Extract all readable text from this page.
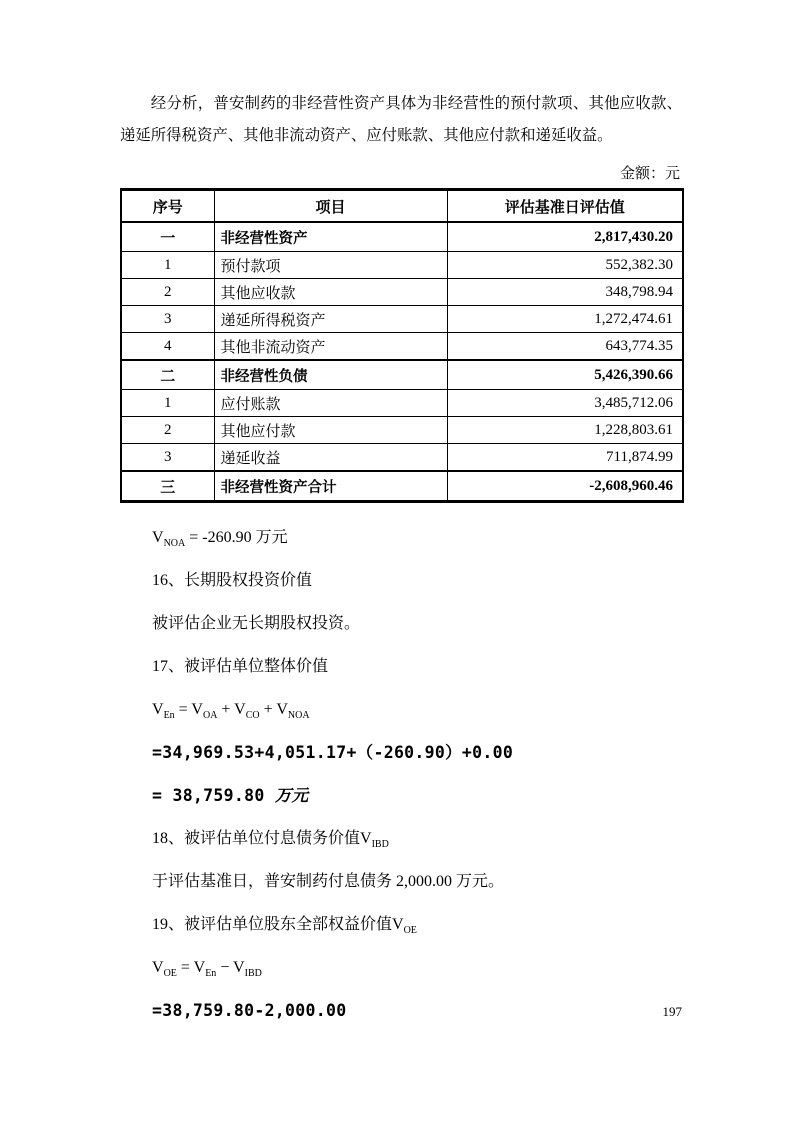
经分析，普安制药的非经营性资产具体为非经营性的预付款项、其他应收款、
递延所得税资产、其他非流动资产、应付账款、其他应付款和递延收益。
金额：元
序号	项目	评估基准日评估值
一	非经营性资产	2,817,430.20
1	预付款项	552,382.30
2	其他应收款	348,798.94
3	递延所得税资产	1,272,474.61
4	其他非流动资产	643,774.35
二	非经营性负债	5,426,390.66
1	应付账款	3,485,712.06
2	其他应付款	1,228,803.61
3	递延收益	711,874.99
三	非经营性资产合计	-2,608,960.46

$V_{NOA} = -260.90$ 万元

16、长期股权投资价值

被评估企业无长期股权投资。

17、被评估单位整体价值

$V_{En} = V_{OA} + V_{CO} + V_{NOA}$

=34,969.53+4,051.17+（-260.90）+0.00

= 38,759.80 万元

18、被评估单位付息债务价值$V_{IBD}$

于评估基准日，普安制药付息债务 2,000.00 万元。

19、被评估单位股东全部权益价值$V_{OE}$

$V_{OE} = V_{En} - V_{IBD}$

=38,759.80-2,000.00	197
